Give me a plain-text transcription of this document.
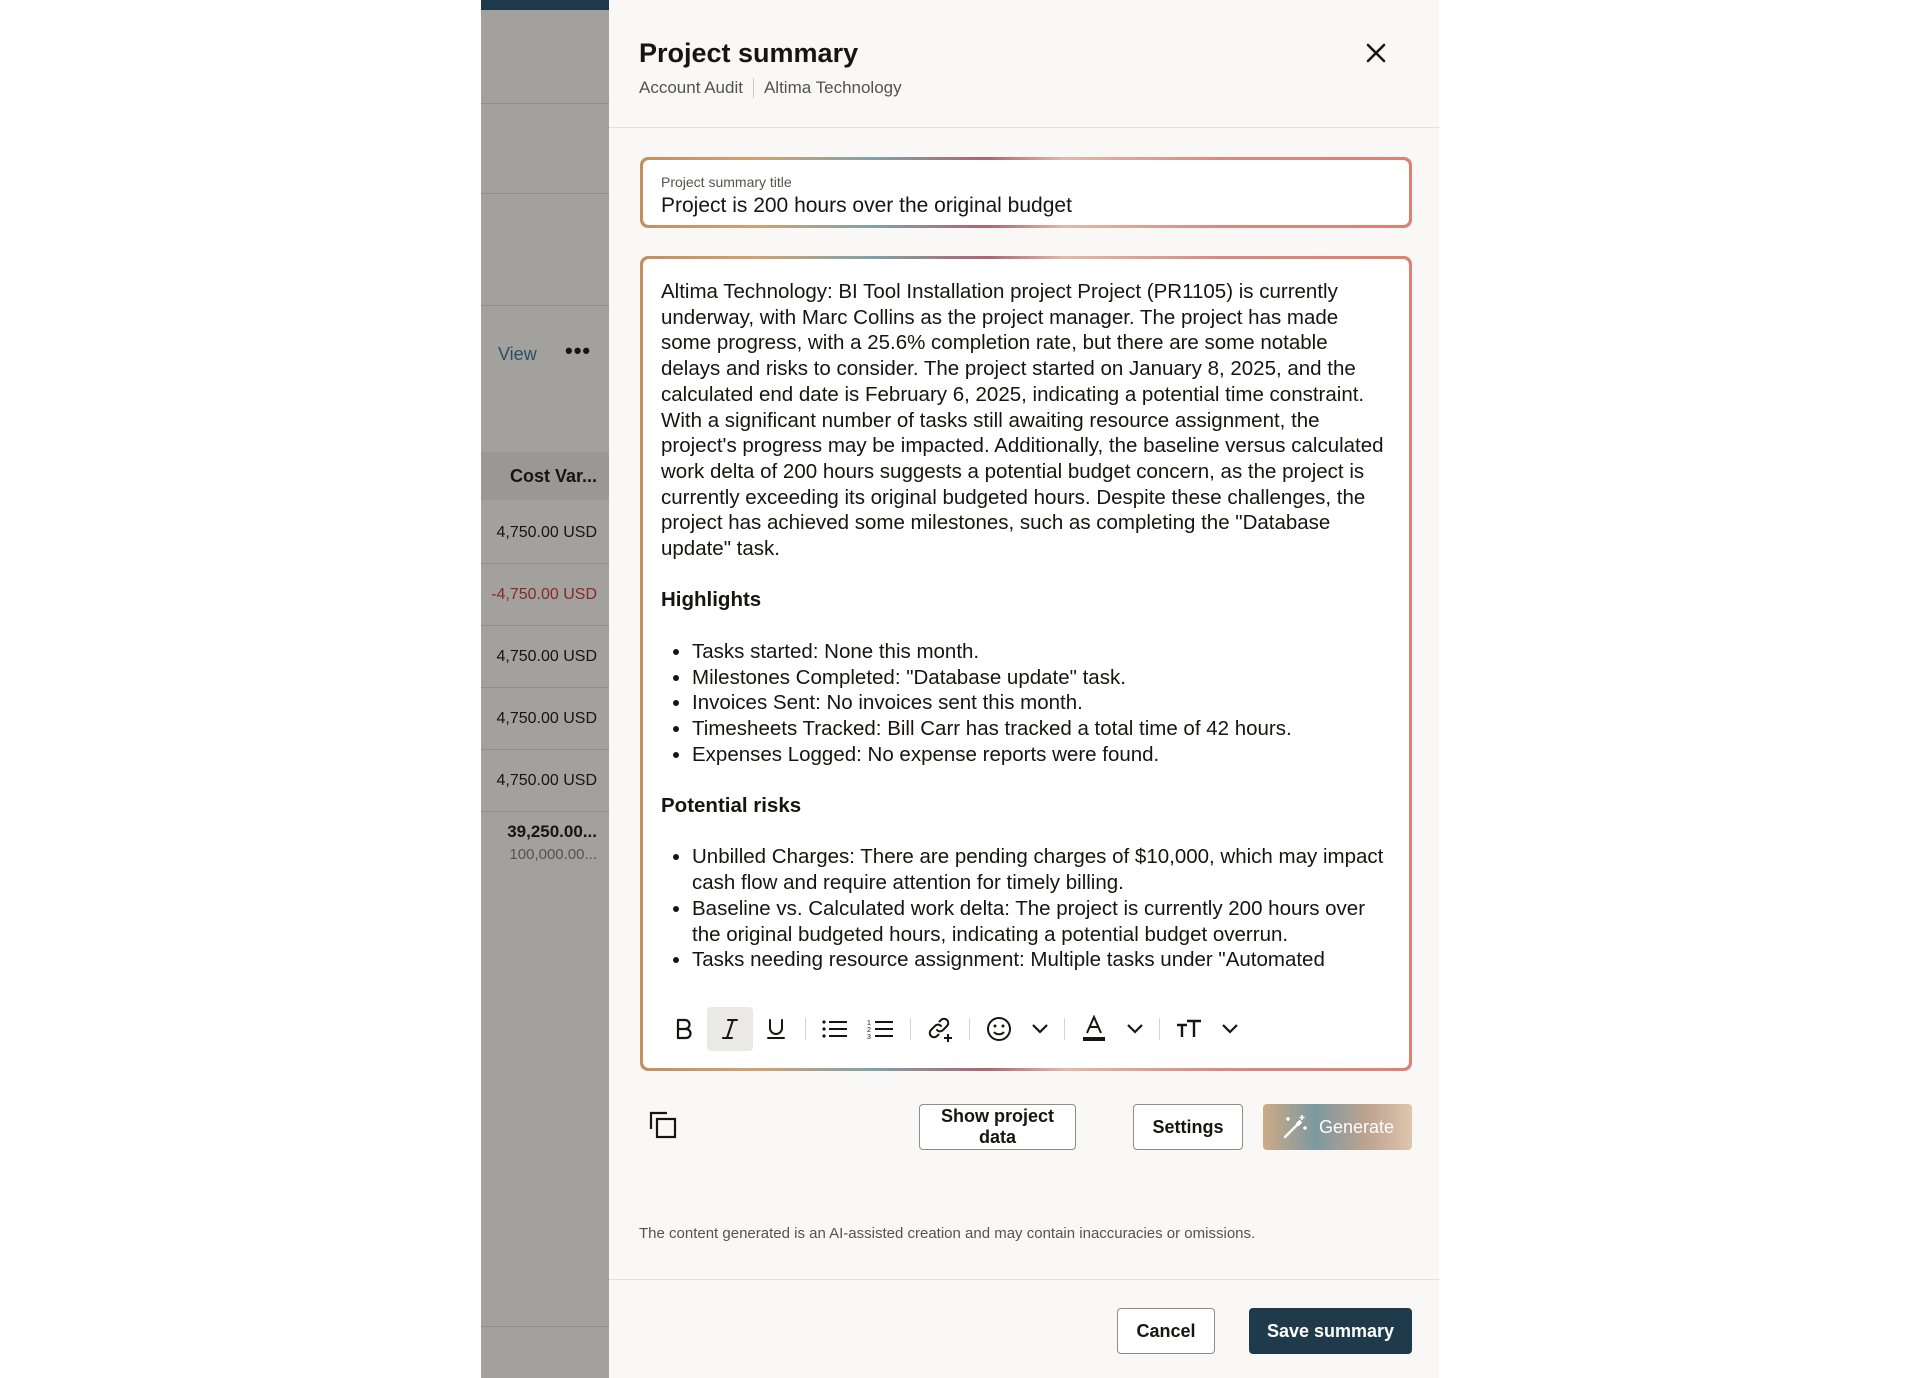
View •••
Cost Var...
4,750.00 USD
-4,750.00 USD
4,750.00 USD
4,750.00 USD
4,750.00 USD
39,250.00...
100,000.00...
Project summary
Account Audit Altima Technology
Project summary title
Project is 200 hours over the original budget

Altima Technology: BI Tool Installation project Project (PR1105) is currently underway, with Marc Collins as the project manager. The project has made some progress, with a 25.6% completion rate, but there are some notable delays and risks to consider. The project started on January 8, 2025, and the calculated end date is February 6, 2025, indicating a potential time constraint. With a significant number of tasks still awaiting resource assignment, the project's progress may be impacted. Additionally, the baseline versus calculated work delta of 200 hours suggests a potential budget concern, as the project is currently exceeding its original budgeted hours. Despite these challenges, the project has achieved some milestones, such as completing the "Database update" task.

Highlights
• Tasks started: None this month.
• Milestones Completed: "Database update" task.
• Invoices Sent: No invoices sent this month.
• Timesheets Tracked: Bill Carr has tracked a total time of 42 hours.
• Expenses Logged: No expense reports were found.
Potential risks
• Unbilled Charges: There are pending charges of $10,000, which may impact cash flow and require attention for timely billing.
• Baseline vs. Calculated work delta: The project is currently 200 hours over the original budgeted hours, indicating a potential budget overrun.
• Tasks needing resource assignment: Multiple tasks under "Automated
1
2
3
Show project data
Settings	Generate
The content generated is an AI-assisted creation and may contain inaccuracies or omissions.
Cancel	Save summary
